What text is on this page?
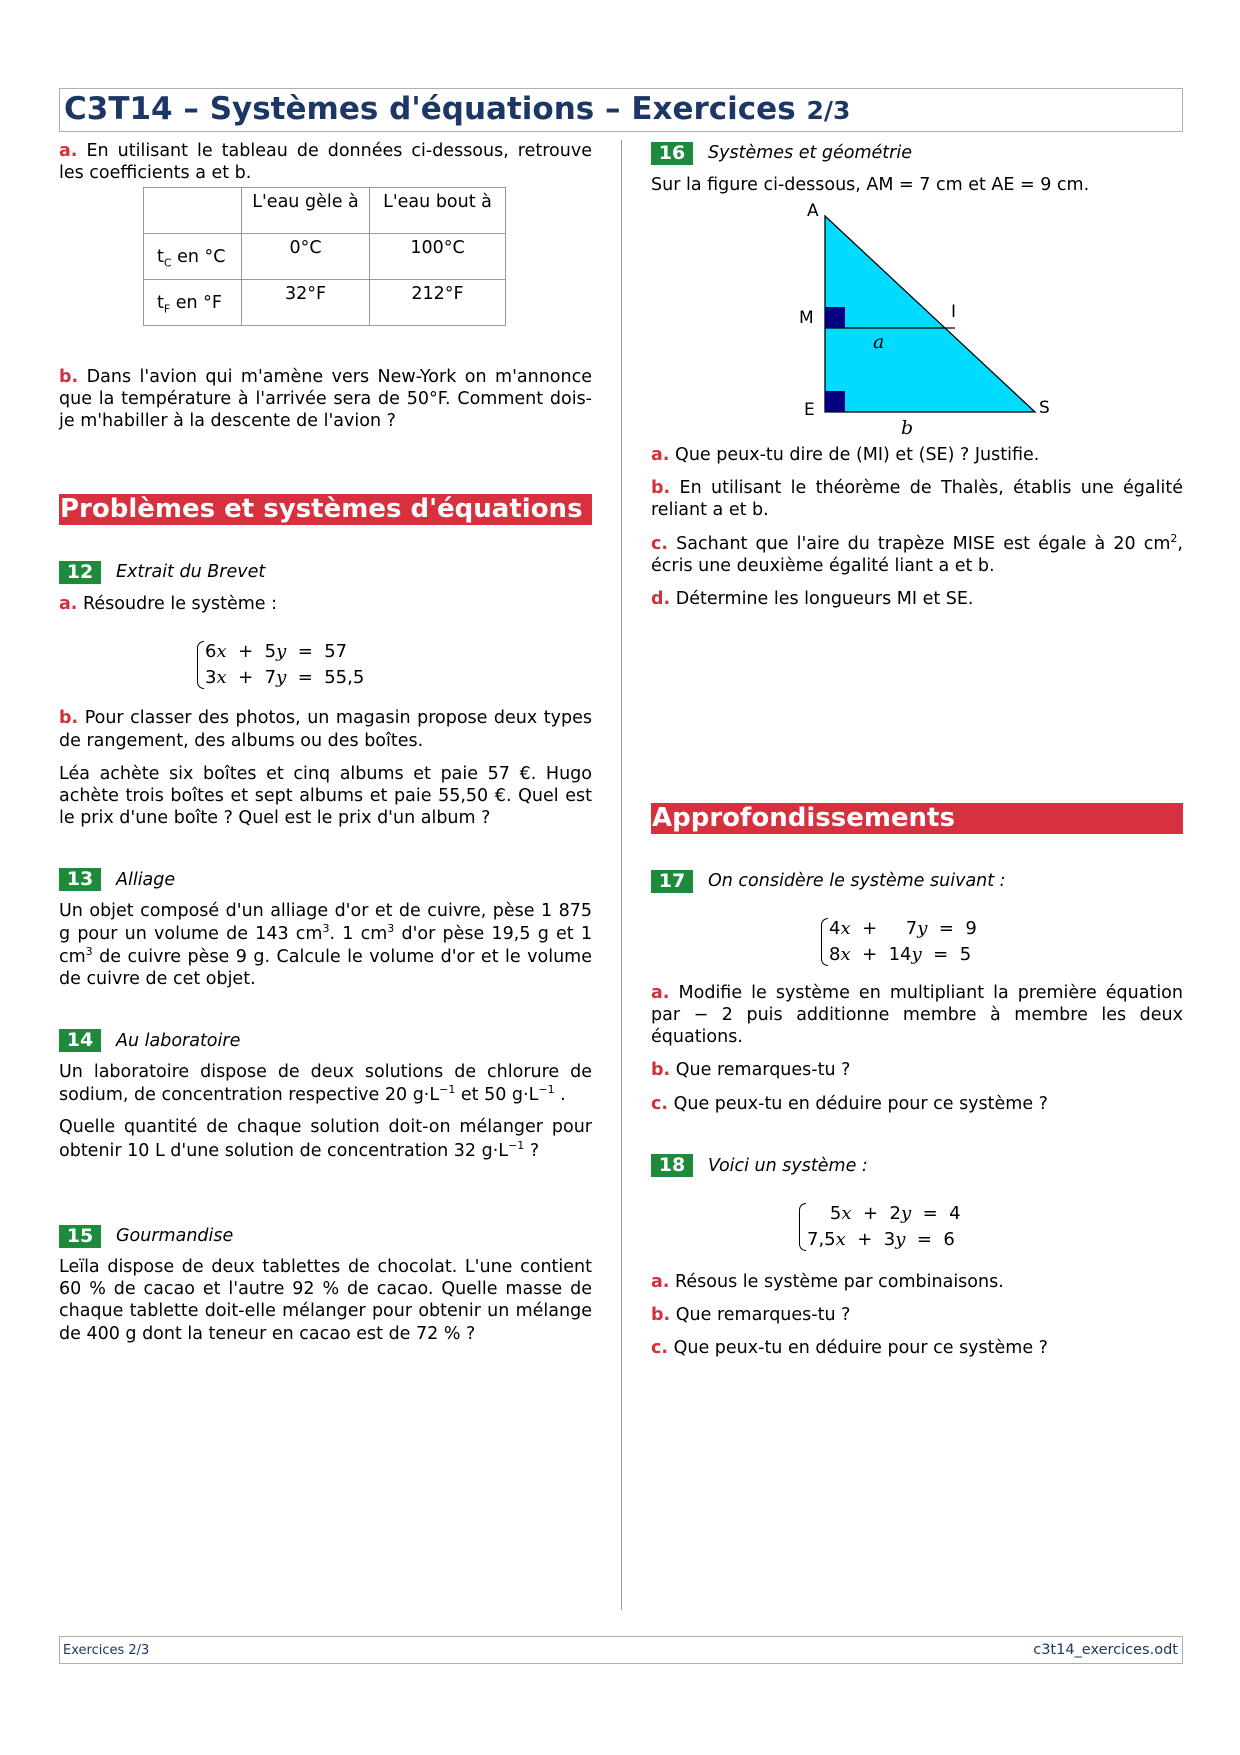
C3T14 – Systèmes d'équations – Exercices 2/3

a. En utilisant le tableau de données ci-dessous, retrouve les coefficients a et b.

	L'eau gèle à	L'eau bout à
$t_C$ en °C	0°C	100°C
$t_F$ en °F	32°F	212°F

b. Dans l'avion qui m'amène vers New-York on m'annonce que la température à l'arrivée sera de 50°F. Comment dois-je m'habiller à la descente de l'avion ?

Problèmes et systèmes d'équations
12	Extrait du Brevet

a. Résoudre le système :

6x + 5y = 57
3x + 7y = 55,5

b. Pour classer des photos, un magasin propose deux types de rangement, des albums ou des boîtes.

Léa achète six boîtes et cinq albums et paie 57 €. Hugo achète trois boîtes et sept albums et paie 55,50 €. Quel est le prix d'une boîte ? Quel est le prix d'un album ?

13	Alliage

Un objet composé d'un alliage d'or et de cuivre, pèse 1 875 g pour un volume de 143 $cm^3$. 1 $cm^3$ d'or pèse 19,5 g et 1 $cm^3$ de cuivre pèse 9 g. Calcule le volume d'or et le volume de cuivre de cet objet.

14	Au laboratoire

Un laboratoire dispose de deux solutions de chlorure de sodium, de concentration respective 20 $g\cdot L^{-1}$ et 50 $g\cdot L^{-1}$ .

Quelle quantité de chaque solution doit-on mélanger pour obtenir 10 L d'une solution de concentration 32 $g\cdot L^{-1}$ ?

15	Gourmandise

Leïla dispose de deux tablettes de chocolat. L'une contient 60 % de cacao et l'autre 92 % de cacao. Quelle masse de chaque tablette doit-elle mélanger pour obtenir un mélange de 400 g dont la teneur en cacao est de 72 % ?

16	Systèmes et géométrie

Sur la figure ci-dessous, AM = 7 cm et AE = 9 cm.

A
M	I
E	S
a
b

a. Que peux-tu dire de (MI) et (SE) ? Justifie.

b. En utilisant le théorème de Thalès, établis une égalité reliant a et b.

c. Sachant que l'aire du trapèze MISE est égale à 20 $cm^2$, écris une deuxième égalité liant a et b.

d. Détermine les longueurs MI et SE.

Approfondissements
17	On considère le système suivant :
4x + 7y = 9
8x + 14y = 5

a. Modifie le système en multipliant la première équation par − 2 puis additionne membre à membre les deux équations.

b. Que remarques-tu ?

c. Que peux-tu en déduire pour ce système ?

18	Voici un système :
5x + 2y = 4
7,5x + 3y = 6

a. Résous le système par combinaisons.

b. Que remarques-tu ?

c. Que peux-tu en déduire pour ce système ?

Exercices 2/3	c3t14_exercices.odt
